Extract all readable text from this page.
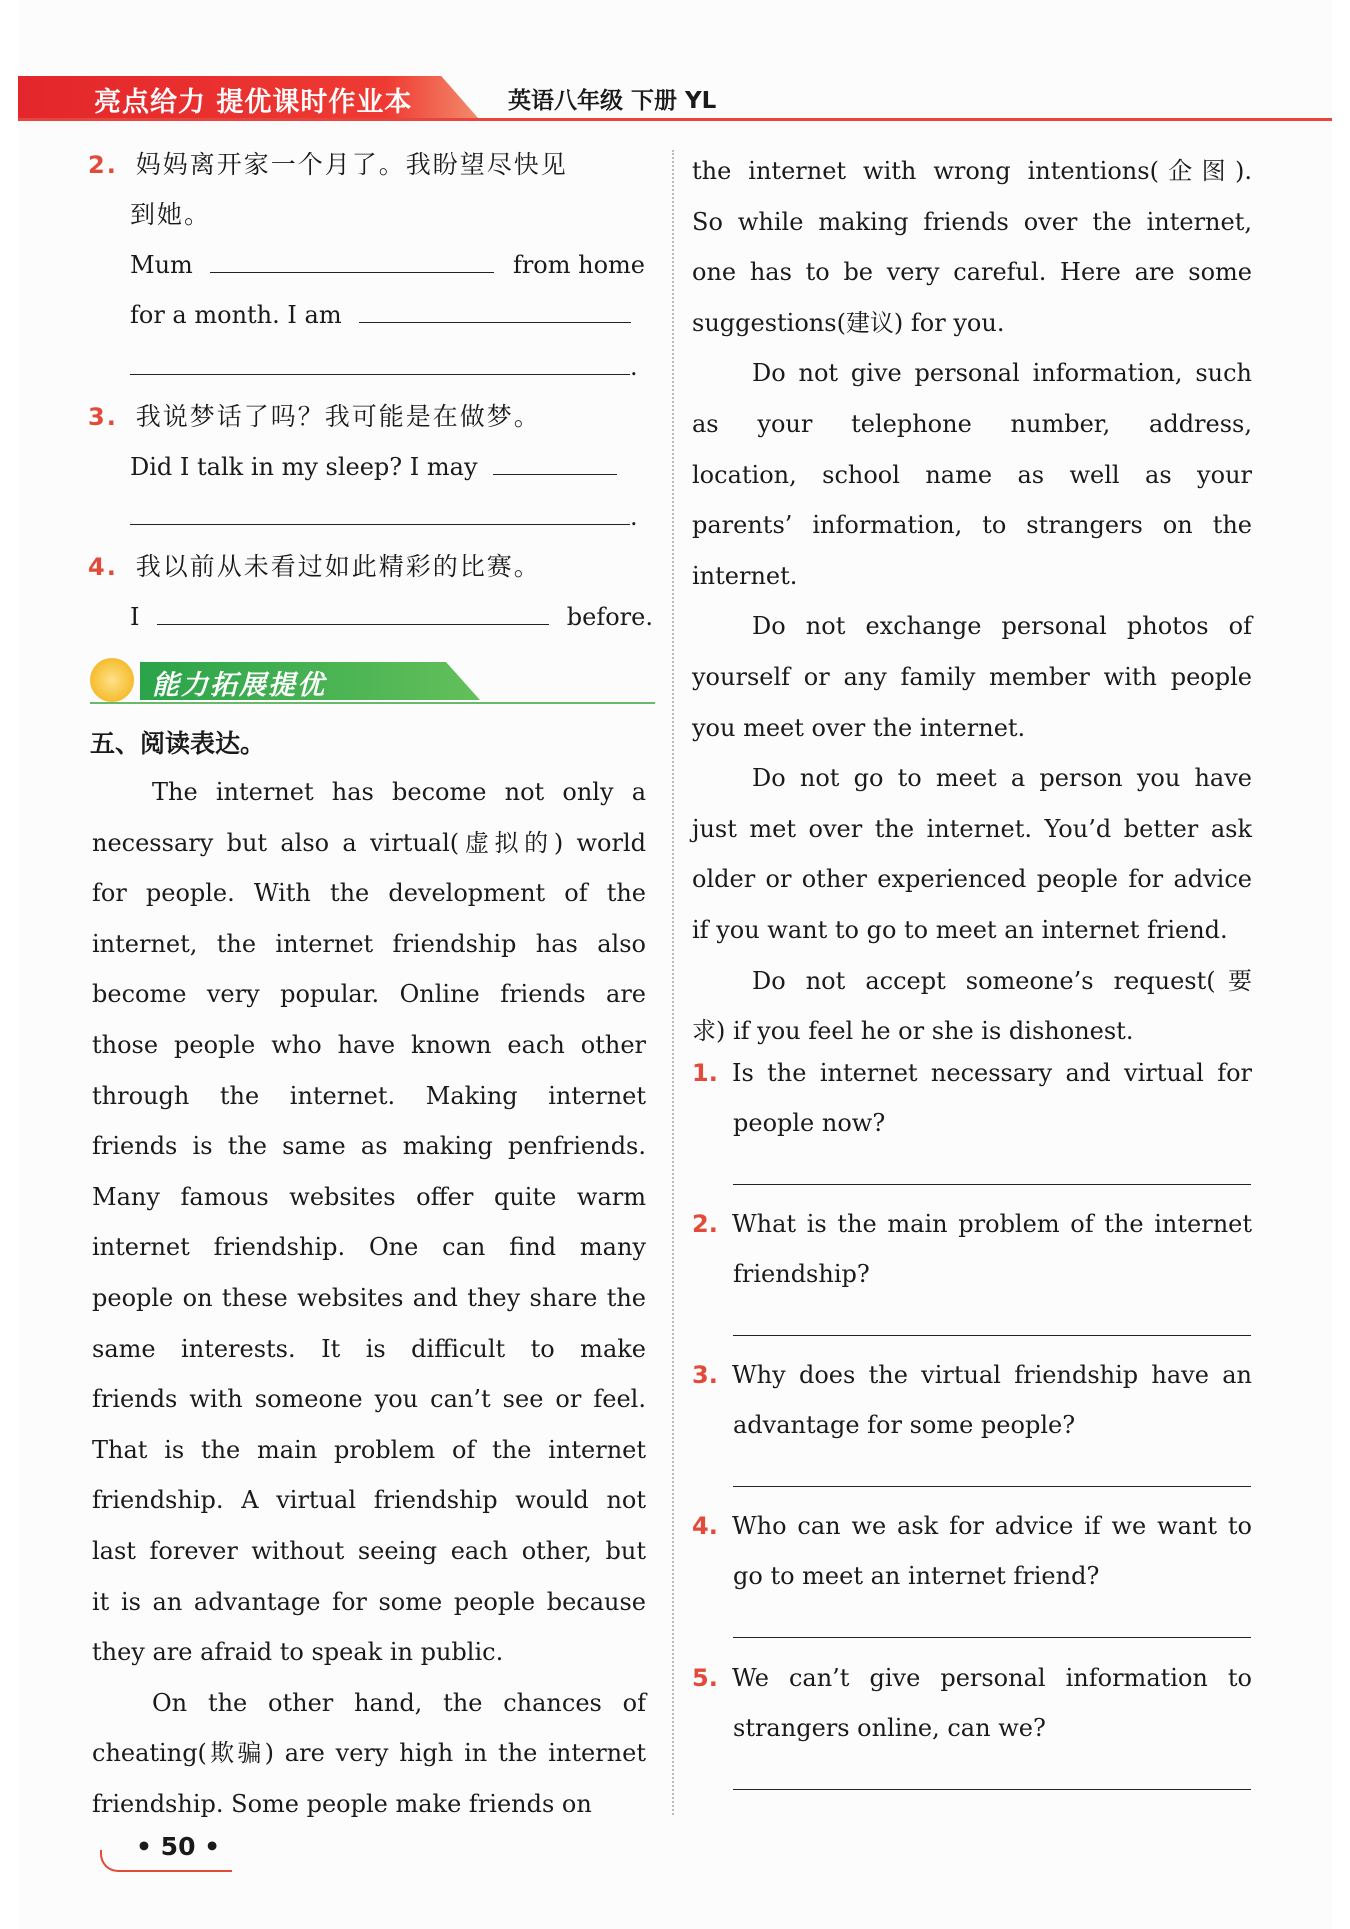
亮点给力 提优课时作业本	英语八年级 下册 YL
2. 妈妈离开家一个月了。我盼望尽快见
到她。
Mum	from home
for a month. I am
.
3. 我说梦话了吗？我可能是在做梦。
Did I talk in my sleep? I may
.
4. 我以前从未看过如此精彩的比赛。
I	before.
能力拓展提优
五、阅读表达。
The internet has become not only a
necessary but also a virtual(虚拟的) world
for people. With the development of the
internet, the internet friendship has also
become very popular. Online friends are
those people who have known each other
through the internet. Making internet
friends is the same as making penfriends.
Many famous websites offer quite warm
internet friendship. One can find many
people on these websites and they share the
same interests. It is difficult to make
friends with someone you can’t see or feel.
That is the main problem of the internet
friendship. A virtual friendship would not
last forever without seeing each other, but
it is an advantage for some people because
they are afraid to speak in public.
On the other hand, the chances of
cheating(欺骗) are very high in the internet
friendship. Some people make friends on
the internet with wrong intentions(企图).
So while making friends over the internet,
one has to be very careful. Here are some
suggestions(建议) for you.
Do not give personal information, such
as your telephone number, address,
location, school name as well as your
parents’ information, to strangers on the
internet.
Do not exchange personal photos of
yourself or any family member with people
you meet over the internet.
Do not go to meet a person you have
just met over the internet. You’d better ask
older or other experienced people for advice
if you want to go to meet an internet friend.
Do not accept someone’s request(要
求) if you feel he or she is dishonest.
1. Is the internet necessary and virtual for
people now?
2. What is the main problem of the internet
friendship?
3. Why does the virtual friendship have an
advantage for some people?
4. Who can we ask for advice if we want to
go to meet an internet friend?
5. We can’t give personal information to
strangers online, can we?
• 50 •
